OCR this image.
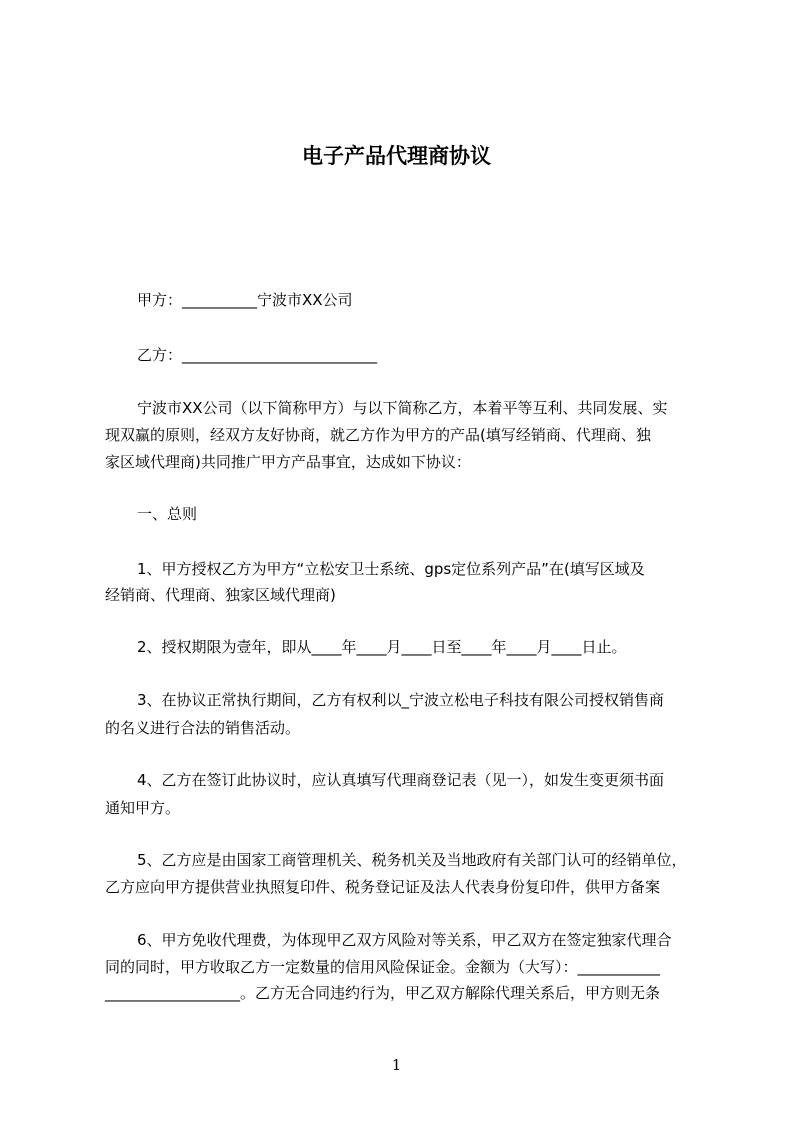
电子产品代理商协议
甲方：__________宁波市XX公司
乙方：__________________________
宁波市XX公司（以下简称甲方）与以下简称乙方，本着平等互利、共同发展、实
现双赢的原则，经双方友好协商，就乙方作为甲方的产品(填写经销商、代理商、独
家区域代理商)共同推广甲方产品事宜，达成如下协议：
一、总则
1、甲方授权乙方为甲方“立松安卫士系统、gps定位系列产品”在(填写区域及
经销商、代理商、独家区域代理商)
2、授权期限为壹年，即从____年____月____日至____年____月____日止。
3、在协议正常执行期间，乙方有权利以_宁波立松电子科技有限公司授权销售商
的名义进行合法的销售活动。
4、乙方在签订此协议时，应认真填写代理商登记表（见一），如发生变更须书面
通知甲方。
5、乙方应是由国家工商管理机关、税务机关及当地政府有关部门认可的经销单位，
乙方应向甲方提供营业执照复印件、税务登记证及法人代表身份复印件，供甲方备案
6、甲方免收代理费，为体现甲乙双方风险对等关系，甲乙双方在签定独家代理合
同的同时，甲方收取乙方一定数量的信用风险保证金。金额为（大写）：___________
__________________。乙方无合同违约行为，甲乙双方解除代理关系后，甲方则无条
1
